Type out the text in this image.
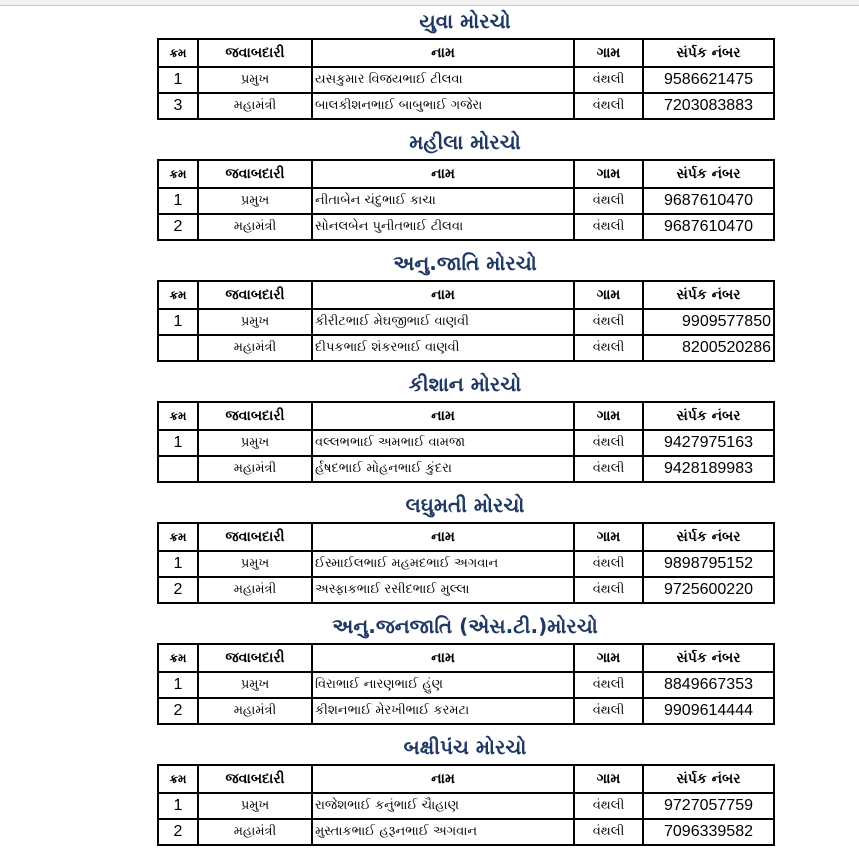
યુવા મોરચો
ક્રમ	જવાબદારી	નામ	ગામ	સંર્પક નંબર
1	પ્રમુખ	યસકુમાર વિજયભાઈ ટીલવા	વંથલી	9586621475
3	મહામંત્રી	બાલકીશનભાઈ બાબુભાઈ ગજેરા	વંથલી	7203083883
મહીલા મોરચો
ક્રમ	જવાબદારી	નામ	ગામ	સંર્પક નંબર
1	પ્રમુખ	નીતાબેન ચંદુભાઈ કાચા	વંથલી	9687610470
2	મહામંત્રી	સોનલબેન પુનીતભાઈ ટીલવા	વંથલી	9687610470
અનુ.જાતિ મોરચો
ક્રમ	જવાબદારી	નામ	ગામ	સંર્પક નંબર
1	પ્રમુખ	કીરીટભાઈ મેઘજીભાઈ વાણવી	વંથલી	9909577850
	મહામંત્રી	દીપકભાઈ શંકરભાઈ વાણવી	વંથલી	8200520286
કીશાન મોરચો
ક્રમ	જવાબદારી	નામ	ગામ	સંર્પક નંબર
1	પ્રમુખ	વલ્લભભાઈ અમભાઈ વામજા	વંથલી	9427975163
	મહામંત્રી	ર્હષદભાઈ મોહનભાઈ કુંદરા	વંથલી	9428189983
લઘુમતી મોરચો
ક્રમ	જવાબદારી	નામ	ગામ	સંર્પક નંબર
1	પ્રમુખ	ઈસ્માઈલભાઈ મહમદભાઈ અગવાન	વંથલી	9898795152
2	મહામંત્રી	અસ્ફાકભાઈ રસીદભાઈ મુલ્લા	વંથલી	9725600220
અનુ.જનજાતિ (એસ.ટી.)મોરચો
ક્રમ	જવાબદારી	નામ	ગામ	સંર્પક નંબર
1	પ્રમુખ	વિરાભાઈ નારણભાઈ હુંણ	વંથલી	8849667353
2	મહામંત્રી	કીશનભાઈ મેરખીભાઈ કરમટા	વંથલી	9909614444
બક્ષીપંચ મોરચો
ક્રમ	જવાબદારી	નામ	ગામ	સંર્પક નંબર
1	પ્રમુખ	રાજેશભાઈ કનુંભાઈ ચૈાહાણ	વંથલી	9727057759
2	મહામંત્રી	મુસ્તાકભાઈ હરૂનભાઈ અગવાન	વંથલી	7096339582
